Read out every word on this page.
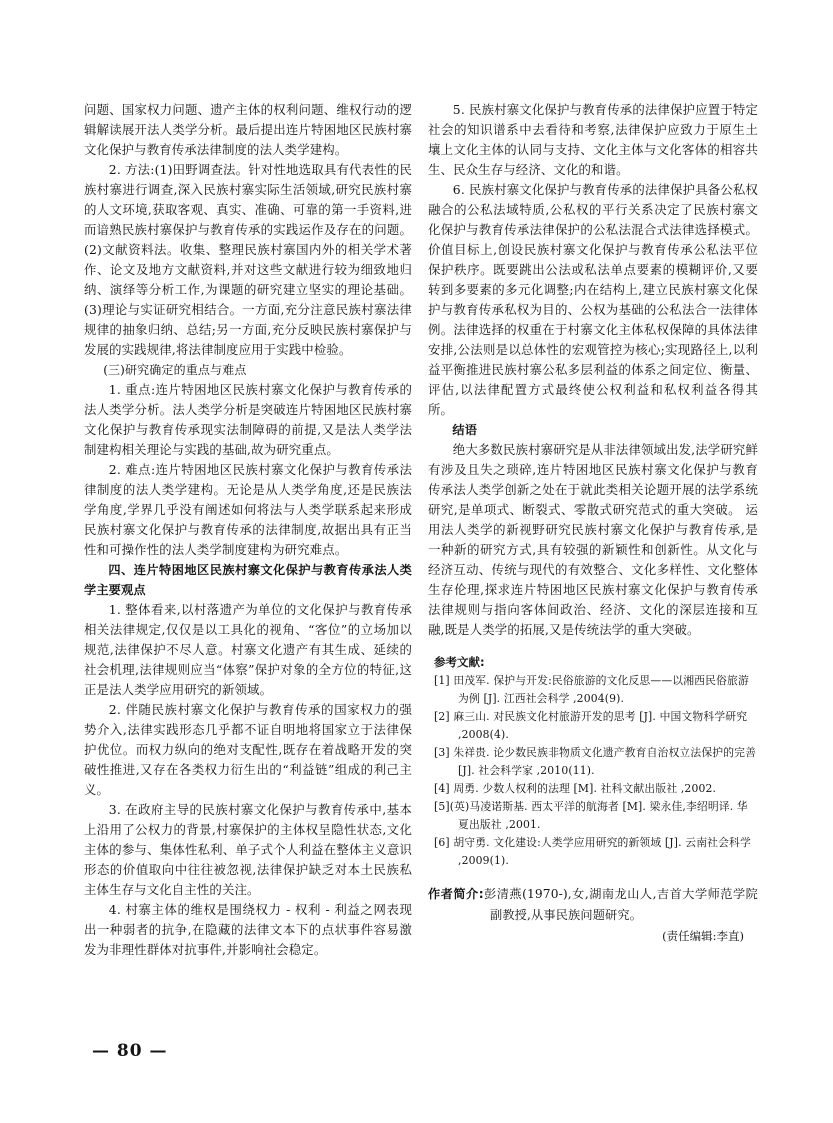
问题、国家权力问题、遗产主体的权利问题、维权行动的逻辑解读展开法人类学分析。最后提出连片特困地区民族村寨文化保护与教育传承法律制度的法人类学建构。

2. 方法:(1)田野调查法。针对性地选取具有代表性的民族村寨进行调查,深入民族村寨实际生活领域,研究民族村寨的人文环境,获取客观、真实、准确、可靠的第一手资料,进而谙熟民族村寨保护与教育传承的实践运作及存在的问题。(2)文献资料法。收集、整理民族村寨国内外的相关学术著作、论文及地方文献资料,并对这些文献进行较为细致地归纳、演绎等分析工作,为课题的研究建立坚实的理论基础。(3)理论与实证研究相结合。一方面,充分注意民族村寨法律规律的抽象归纳、总结;另一方面,充分反映民族村寨保护与发展的实践规律,将法律制度应用于实践中检验。

(三)研究确定的重点与难点

1. 重点:连片特困地区民族村寨文化保护与教育传承的法人类学分析。法人类学分析是突破连片特困地区民族村寨文化保护与教育传承现实法制障碍的前提,又是法人类学法制建构相关理论与实践的基础,故为研究重点。

2. 难点:连片特困地区民族村寨文化保护与教育传承法律制度的法人类学建构。无论是从人类学角度,还是民族法学角度,学界几乎没有阐述如何将法与人类学联系起来形成民族村寨文化保护与教育传承的法律制度,故据出具有正当性和可操作性的法人类学制度建构为研究难点。

四、连片特困地区民族村寨文化保护与教育传承法人类学主要观点

1. 整体看来,以村落遗产为单位的文化保护与教育传承相关法律规定,仅仅是以工具化的视角、“客位”的立场加以规范,法律保护不尽人意。村寨文化遗产有其生成、延续的社会机理,法律规则应当“体察”保护对象的全方位的特征,这正是法人类学应用研究的新领域。

2. 伴随民族村寨文化保护与教育传承的国家权力的强势介入,法律实践形态几乎都不证自明地将国家立于法律保护优位。而权力纵向的绝对支配性,既存在着战略开发的突破性推进,又存在各类权力衍生出的“利益链”组成的利己主义。

3. 在政府主导的民族村寨文化保护与教育传承中,基本上沿用了公权力的背景,村寨保护的主体权呈隐性状态,文化主体的参与、集体性私利、单子式个人利益在整体主义意识形态的价值取向中往往被忽视,法律保护缺乏对本土民族私主体生存与文化自主性的关注。

4. 村寨主体的维权是围绕权力 - 权利 - 利益之网表现出一种弱者的抗争,在隐藏的法律文本下的点状事件容易激发为非理性群体对抗事件,并影响社会稳定。

5. 民族村寨文化保护与教育传承的法律保护应置于特定社会的知识谱系中去看待和考察,法律保护应致力于原生土壤上文化主体的认同与支持、文化主体与文化客体的相容共生、民众生存与经济、文化的和谐。

6. 民族村寨文化保护与教育传承的法律保护具备公私权融合的公私法域特质,公私权的平行关系决定了民族村寨文化保护与教育传承法律保护的公私法混合式法律选择模式。价值目标上,创设民族村寨文化保护与教育传承公私法平位保护秩序。既要跳出公法或私法单点要素的模糊评价,又要转到多要素的多元化调整;内在结构上,建立民族村寨文化保护与教育传承私权为目的、公权为基础的公私法合一法律体例。法律选择的权重在于村寨文化主体私权保障的具体法律安排,公法则是以总体性的宏观管控为核心;实现路径上,以利益平衡推进民族村寨公私多层利益的体系之间定位、衡量、评估,以法律配置方式最终使公权利益和私权利益各得其所。

结语

绝大多数民族村寨研究是从非法律领域出发,法学研究鲜有涉及且失之琐碎,连片特困地区民族村寨文化保护与教育传承法人类学创新之处在于就此类相关论题开展的法学系统研究,是单项式、断裂式、零散式研究范式的重大突破。 运用法人类学的新视野研究民族村寨文化保护与教育传承,是一种新的研究方式,具有较强的新颖性和创新性。从文化与经济互动、传统与现代的有效整合、文化多样性、文化整体生存伦理,探求连片特困地区民族村寨文化保护与教育传承法律规则与指向客体间政治、经济、文化的深层连接和互融,既是人类学的拓展,又是传统法学的重大突破。

参考文献:

[1] 田茂军. 保护与开发:民俗旅游的文化反思——以湘西民俗旅游为例 [J]. 江西社会科学 ,2004(9).

[2] 麻三山. 对民族文化村旅游开发的思考 [J]. 中国文物科学研究 ,2008(4).

[3] 朱祥贵. 论少数民族非物质文化遗产教育自治权立法保护的完善 [J]. 社会科学家 ,2010(11).

[4] 周勇. 少数人权利的法理 [M]. 社科文献出版社 ,2002.

[5](英)马凌诺斯基. 西太平洋的航海者 [M]. 梁永佳,李绍明译. 华夏出版社 ,2001.

[6] 胡守勇. 文化建设:人类学应用研究的新领域 [J]. 云南社会科学 ,2009(1).

作者简介:彭清燕(1970-),女,湖南龙山人,吉首大学师范学院副教授,从事民族问题研究。

(责任编辑:李直)
— 80 —
